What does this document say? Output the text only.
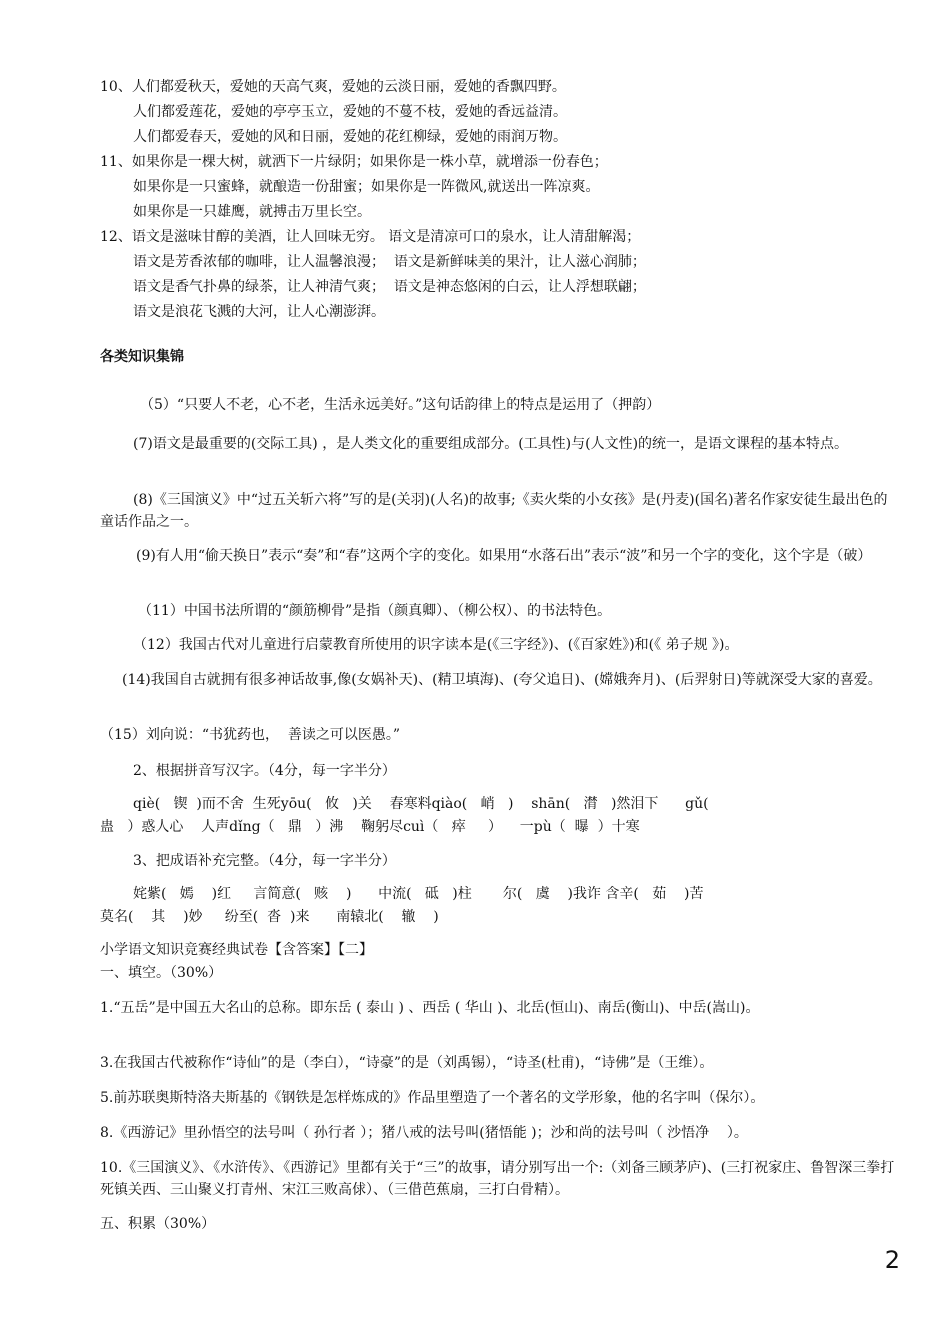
10、人们都爱秋天，爱她的天高气爽，爱她的云淡日丽，爱她的香飘四野。
人们都爱莲花，爱她的亭亭玉立，爱她的不蔓不枝，爱她的香远益清。
人们都爱春天，爱她的风和日丽，爱她的花红柳绿，爱她的雨润万物。
11、如果你是一棵大树，就洒下一片绿阴；如果你是一株小草，就增添一份春色；
如果你是一只蜜蜂，就酿造一份甜蜜；如果你是一阵微风,就送出一阵凉爽。
如果你是一只雄鹰，就搏击万里长空。
12、语文是滋味甘醇的美酒，让人回味无穷。 语文是清凉可口的泉水，让人清甜解渴；
语文是芳香浓郁的咖啡，让人温馨浪漫；  语文是新鲜味美的果汁，让人滋心润肺；
语文是香气扑鼻的绿茶，让人神清气爽；  语文是神态悠闲的白云，让人浮想联翩；
语文是浪花飞溅的大河，让人心潮澎湃。
各类知识集锦
（5）“只要人不老，心不老，生活永远美好。”这句话韵律上的特点是运用了（押韵）
(7)语文是最重要的(交际工具) ，是人类文化的重要组成部分。(工具性)与(人文性)的统一，是语文课程的基本特点。
(8)《三国演义》中“过五关斩六将”写的是(关羽)(人名)的故事;《卖火柴的小女孩》是(丹麦)(国名)著名作家安徒生最出色的童话作品之一。
(9)有人用“偷天换日”表示“奏”和“春”这两个字的变化。如果用“水落石出”表示“波”和另一个字的变化，这个字是（破）
（11）中国书法所谓的“颜筋柳骨”是指（颜真卿）、（柳公权）、的书法特色。
（12）我国古代对儿童进行启蒙教育所使用的识字读本是(《三字经》)、(《百家姓》)和(《 弟子规 》)。
(14)我国自古就拥有很多神话故事,像(女娲补天)、(精卫填海)、(夸父追日)、(嫦娥奔月)、(后羿射日)等就深受大家的喜爱。
（15）刘向说：“书犹药也，  善读之可以医愚。”
2、根据拼音写汉字。（4分，每一字半分）
qiè(   锲  )而不舍  生死yōu(   攸   )关    春寒料qiào(   峭   )    shān(   潸   )然泪下      gǔ(
蛊   ）惑人心    人声dǐng（   鼎   ）沸    鞠躬尽cuì（   瘁     ）    一pù（  曝  ）十寒
3、把成语补充完整。（4分，每一字半分）
姹紫(   嫣    )红     言简意(   赅    )      中流(   砥   )柱       尔(   虞    )我诈 含辛(   茹    )苦
莫名(    其    )妙     纷至(  沓  )来      南辕北(    辙    )
小学语文知识竞赛经典试卷【含答案】【二】
一、填空。（30%）
1.“五岳”是中国五大名山的总称。即东岳 ( 泰山 ) 、西岳 ( 华山 )、北岳(恒山)、南岳(衡山)、中岳(嵩山)。
3.在我国古代被称作“诗仙”的是（李白），“诗豪”的是（刘禹锡），“诗圣(杜甫)，“诗佛”是（王维）。
5.前苏联奥斯特洛夫斯基的《钢铁是怎样炼成的》作品里塑造了一个著名的文学形象，他的名字叫（保尔）。
8.《西游记》里孙悟空的法号叫（ 孙行者 ）；猪八戒的法号叫(猪悟能 )；沙和尚的法号叫（ 沙悟净    ）。
10.《三国演义》、《水浒传》、《西游记》里都有关于“三”的故事，请分别写出一个:（刘备三顾茅庐)、(三打祝家庄、鲁智深三拳打死镇关西、三山聚义打青州、宋江三败高俅）、（三借芭蕉扇，三打白骨精）。
五、积累（30%）
2
